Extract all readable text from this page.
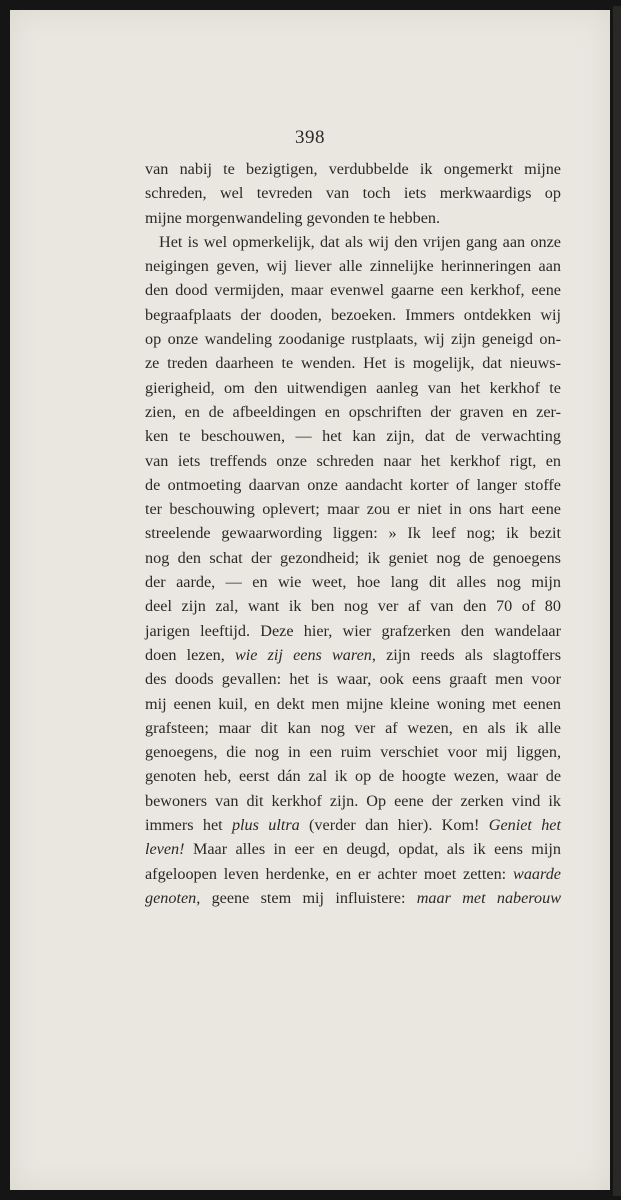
398
van nabij te bezigtigen, verdubbelde ik ongemerkt mijne
schreden, wel tevreden van toch iets merkwaardigs op
mijne morgenwandeling gevonden te hebben.
Het is wel opmerkelijk, dat als wij den vrijen gang aan onze
neigingen geven, wij liever alle zinnelijke herinneringen aan
den dood vermijden, maar evenwel gaarne een kerkhof, eene
begraafplaats der dooden, bezoeken. Immers ontdekken wij
op onze wandeling zoodanige rustplaats, wij zijn geneigd on-
ze treden daarheen te wenden. Het is mogelijk, dat nieuws-
gierigheid, om den uitwendigen aanleg van het kerkhof te
zien, en de afbeeldingen en opschriften der graven en zer-
ken te beschouwen, — het kan zijn, dat de verwachting
van iets treffends onze schreden naar het kerkhof rigt, en
de ontmoeting daarvan onze aandacht korter of langer stoffe
ter beschouwing oplevert; maar zou er niet in ons hart eene
streelende gewaarwording liggen: » Ik leef nog; ik bezit
nog den schat der gezondheid; ik geniet nog de genoegens
der aarde, — en wie weet, hoe lang dit alles nog mijn
deel zijn zal, want ik ben nog ver af van den 70 of 80
jarigen leeftijd. Deze hier, wier grafzerken den wandelaar
doen lezen, wie zij eens waren, zijn reeds als slagtoffers
des doods gevallen: het is waar, ook eens graaft men voor
mij eenen kuil, en dekt men mijne kleine woning met eenen
grafsteen; maar dit kan nog ver af wezen, en als ik alle
genoegens, die nog in een ruim verschiet voor mij liggen,
genoten heb, eerst dán zal ik op de hoogte wezen, waar de
bewoners van dit kerkhof zijn. Op eene der zerken vind ik
immers het plus ultra (verder dan hier). Kom! Geniet het
leven! Maar alles in eer en deugd, opdat, als ik eens mijn
afgeloopen leven herdenke, en er achter moet zetten: waarde
genoten, geene stem mij influistere: maar met naberouw
